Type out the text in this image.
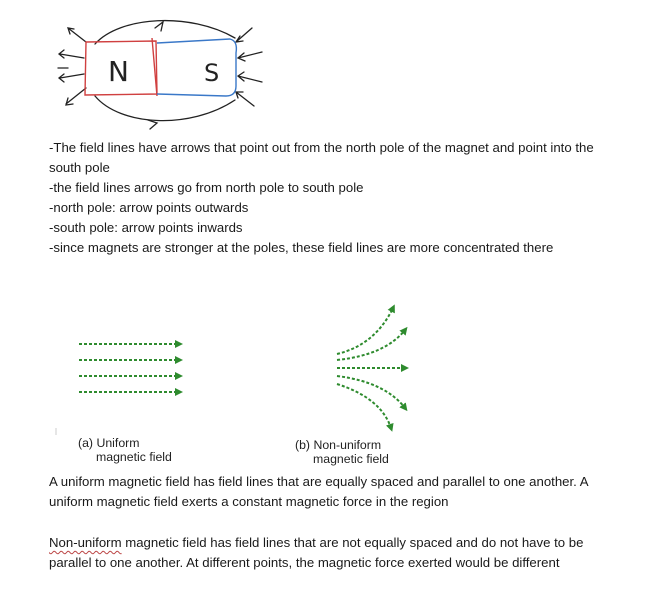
N	S
-The field lines have arrows that point out from the north pole of the magnet and point into the south pole
-the field lines arrows go from north pole to south pole
-north pole: arrow points outwards
-south pole: arrow points inwards
-since magnets are stronger at the poles, these field lines are more concentrated there
(a) Uniform
magnetic field
(b) Non-uniform
magnetic field

A uniform magnetic field has field lines that are equally spaced and parallel to one another. A uniform magnetic field exerts a constant magnetic force in the region

Non-uniform magnetic field has field lines that are not equally spaced and do not have to be parallel to one another. At different points, the magnetic force exerted would be different
